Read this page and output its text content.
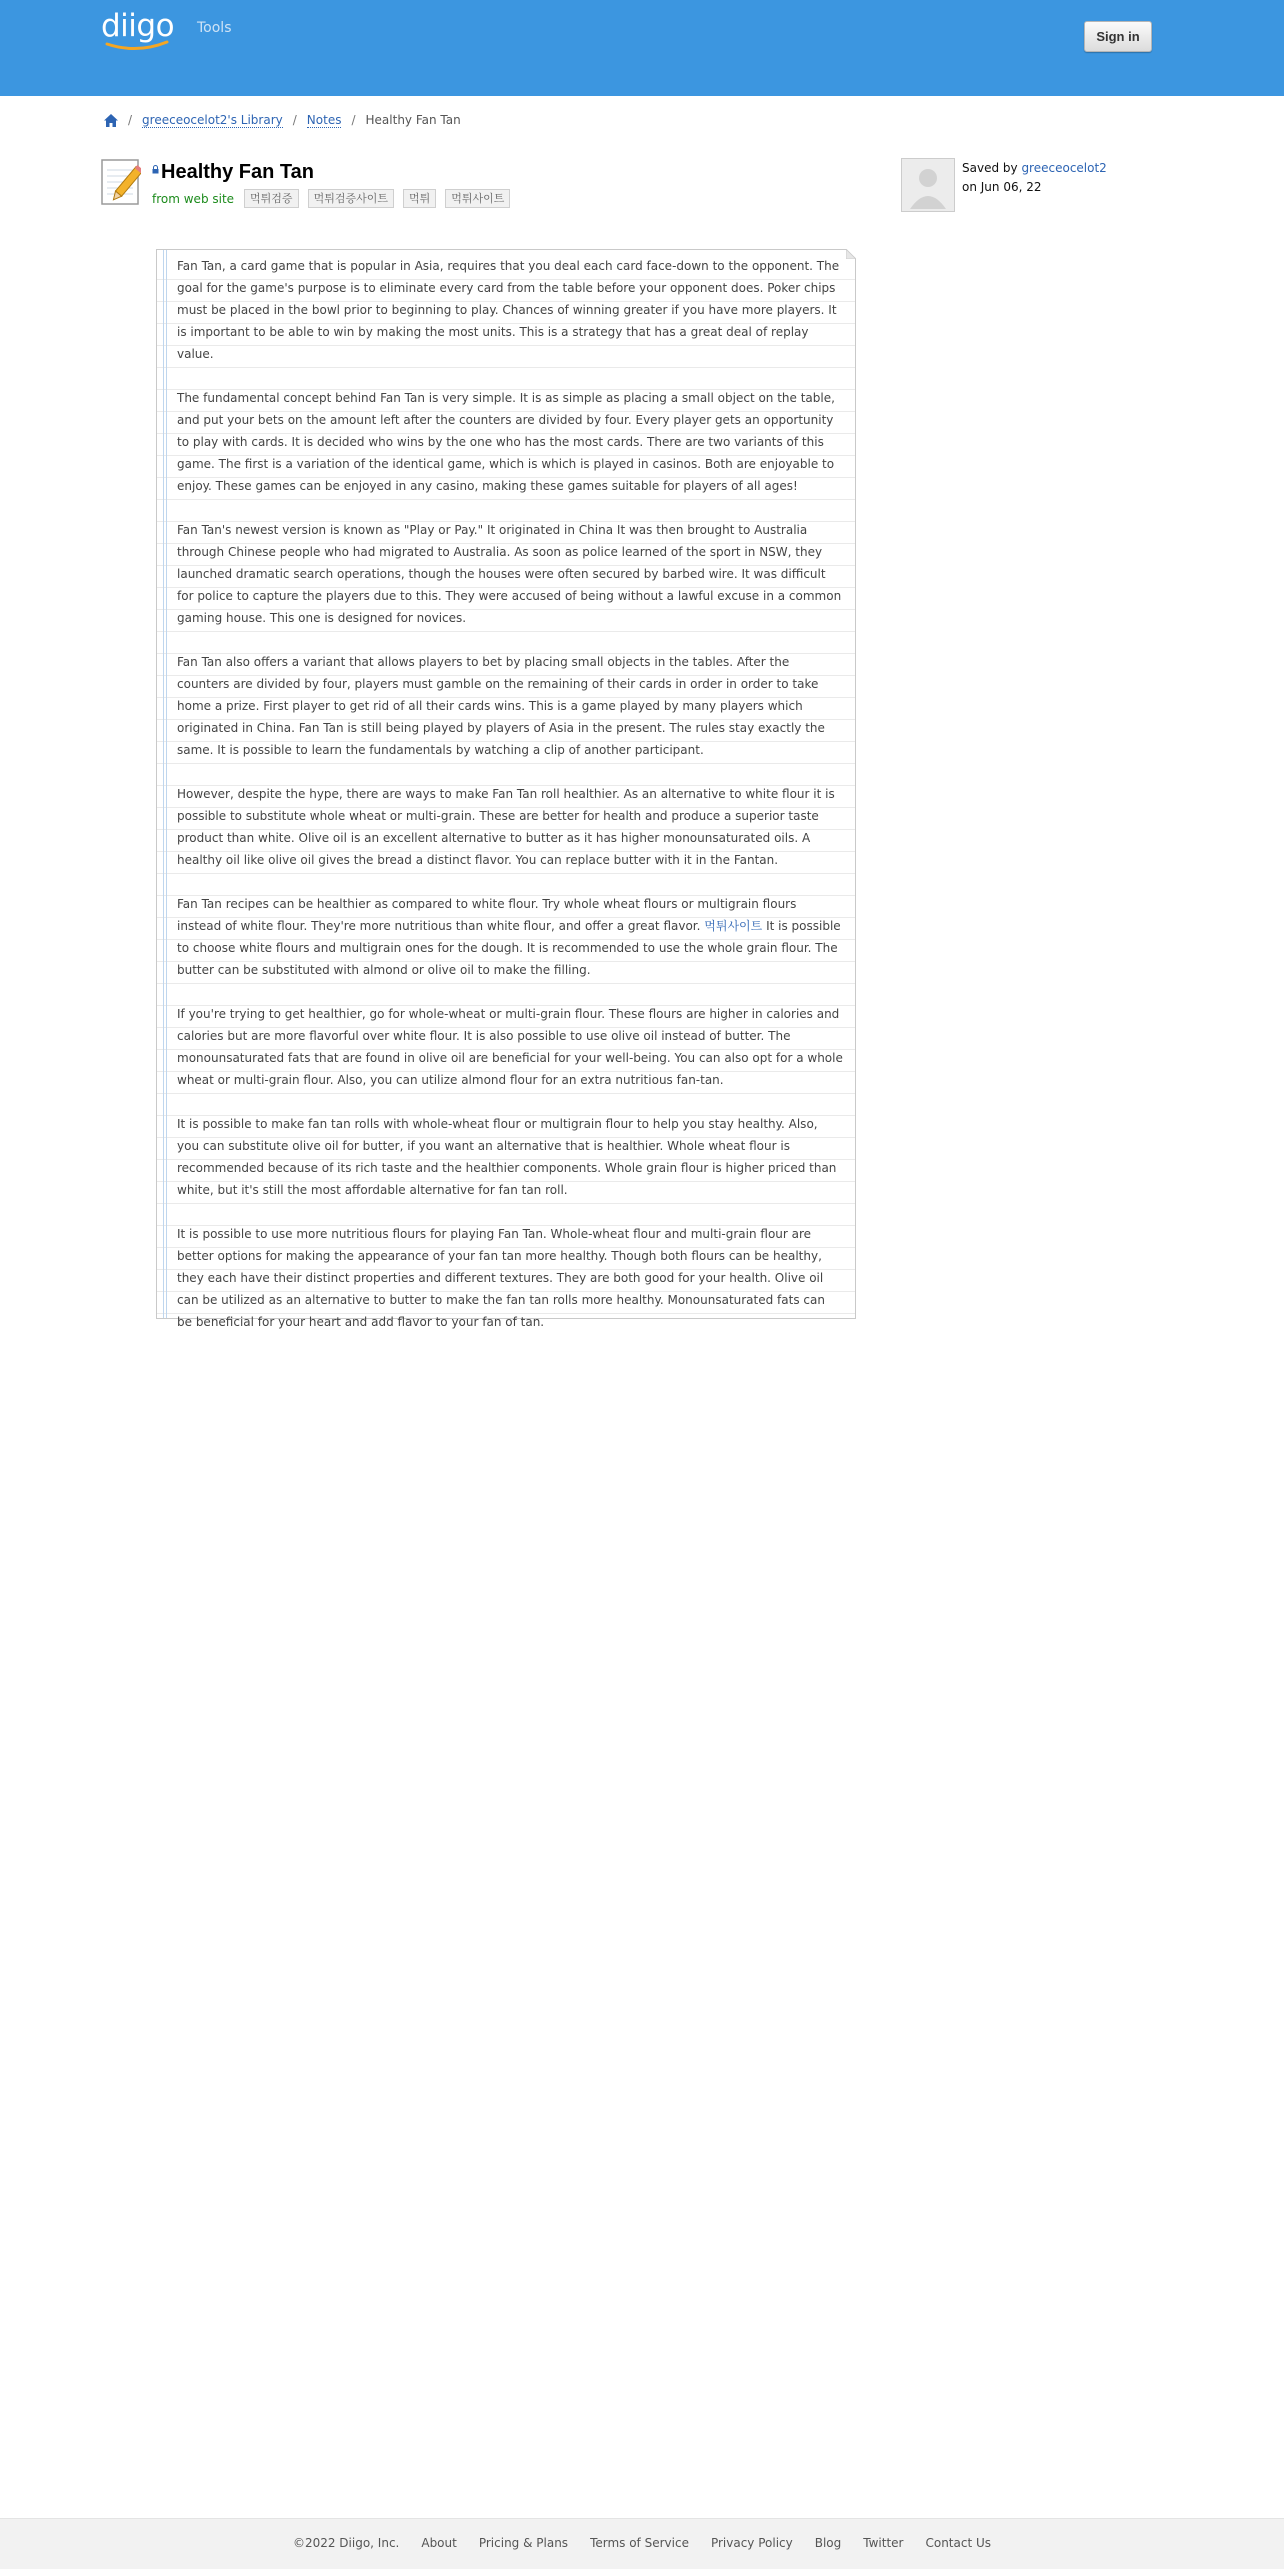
diigo Tools
Sign in
/ greeceocelot2's Library / Notes / Healthy Fan Tan
Healthy Fan Tan
from web site	먹튀검증	먹튀검증사이트	먹튀	먹튀사이트
Saved by greeceocelot2
on Jun 06, 22

Fan Tan, a card game that is popular in Asia, requires that you deal each card face-down to the opponent. The goal for the game's purpose is to eliminate every card from the table before your opponent does. Poker chips must be placed in the bowl prior to beginning to play. Chances of winning greater if you have more players. It is important to be able to win by making the most units. This is a strategy that has a great deal of replay value.

The fundamental concept behind Fan Tan is very simple. It is as simple as placing a small object on the table, and put your bets on the amount left after the counters are divided by four. Every player gets an opportunity to play with cards. It is decided who wins by the one who has the most cards. There are two variants of this game. The first is a variation of the identical game, which is which is played in casinos. Both are enjoyable to enjoy. These games can be enjoyed in any casino, making these games suitable for players of all ages!

Fan Tan's newest version is known as "Play or Pay." It originated in China It was then brought to Australia through Chinese people who had migrated to Australia. As soon as police learned of the sport in NSW, they launched dramatic search operations, though the houses were often secured by barbed wire. It was difficult for police to capture the players due to this. They were accused of being without a lawful excuse in a common gaming house. This one is designed for novices.

Fan Tan also offers a variant that allows players to bet by placing small objects in the tables. After the counters are divided by four, players must gamble on the remaining of their cards in order in order to take home a prize. First player to get rid of all their cards wins. This is a game played by many players which originated in China. Fan Tan is still being played by players of Asia in the present. The rules stay exactly the same. It is possible to learn the fundamentals by watching a clip of another participant.

However, despite the hype, there are ways to make Fan Tan roll healthier. As an alternative to white flour it is possible to substitute whole wheat or multi-grain. These are better for health and produce a superior taste product than white. Olive oil is an excellent alternative to butter as it has higher monounsaturated oils. A healthy oil like olive oil gives the bread a distinct flavor. You can replace butter with it in the Fantan.

Fan Tan recipes can be healthier as compared to white flour. Try whole wheat flours or multigrain flours instead of white flour. They're more nutritious than white flour, and offer a great flavor. 먹튀사이트 It is possible to choose white flours and multigrain ones for the dough. It is recommended to use the whole grain flour. The butter can be substituted with almond or olive oil to make the filling.

If you're trying to get healthier, go for whole-wheat or multi-grain flour. These flours are higher in calories and calories but are more flavorful over white flour. It is also possible to use olive oil instead of butter. The monounsaturated fats that are found in olive oil are beneficial for your well-being. You can also opt for a whole wheat or multi-grain flour. Also, you can utilize almond flour for an extra nutritious fan-tan.

It is possible to make fan tan rolls with whole-wheat flour or multigrain flour to help you stay healthy. Also, you can substitute olive oil for butter, if you want an alternative that is healthier. Whole wheat flour is recommended because of its rich taste and the healthier components. Whole grain flour is higher priced than white, but it's still the most affordable alternative for fan tan roll.

It is possible to use more nutritious flours for playing Fan Tan. Whole-wheat flour and multi-grain flour are better options for making the appearance of your fan tan more healthy. Though both flours can be healthy, they each have their distinct properties and different textures. They are both good for your health. Olive oil can be utilized as an alternative to butter to make the fan tan rolls more healthy. Monounsaturated fats can be beneficial for your heart and add flavor to your fan of tan.

©2022 Diigo, Inc. About Pricing & Plans Terms of Service Privacy Policy Blog Twitter Contact Us
